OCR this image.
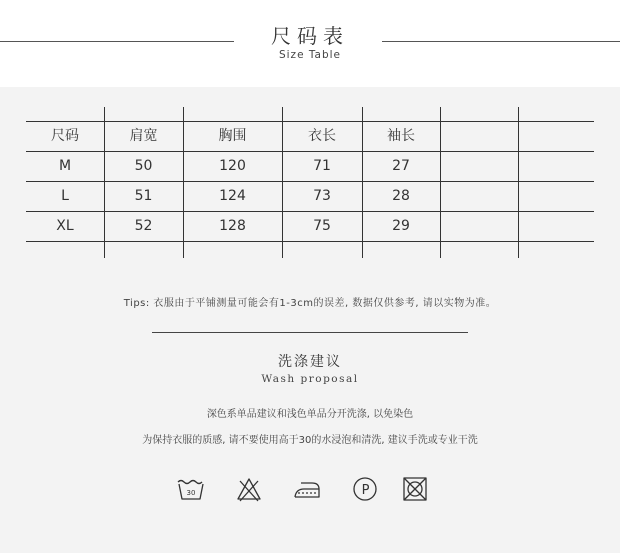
尺码表
Size Table
尺码	肩宽	胸围	衣长	袖长
M	50	120	71	27
L	51	124	73	28
XL	52	128	75	29
Tips: 衣服由于平铺测量可能会有1-3cm的误差, 数据仅供参考, 请以实物为准。
洗涤建议
Wash proposal
深色系单品建议和浅色单品分开洗涤, 以免染色
为保持衣服的质感, 请不要使用高于30的水浸泡和清洗, 建议手洗或专业干洗
30	P
